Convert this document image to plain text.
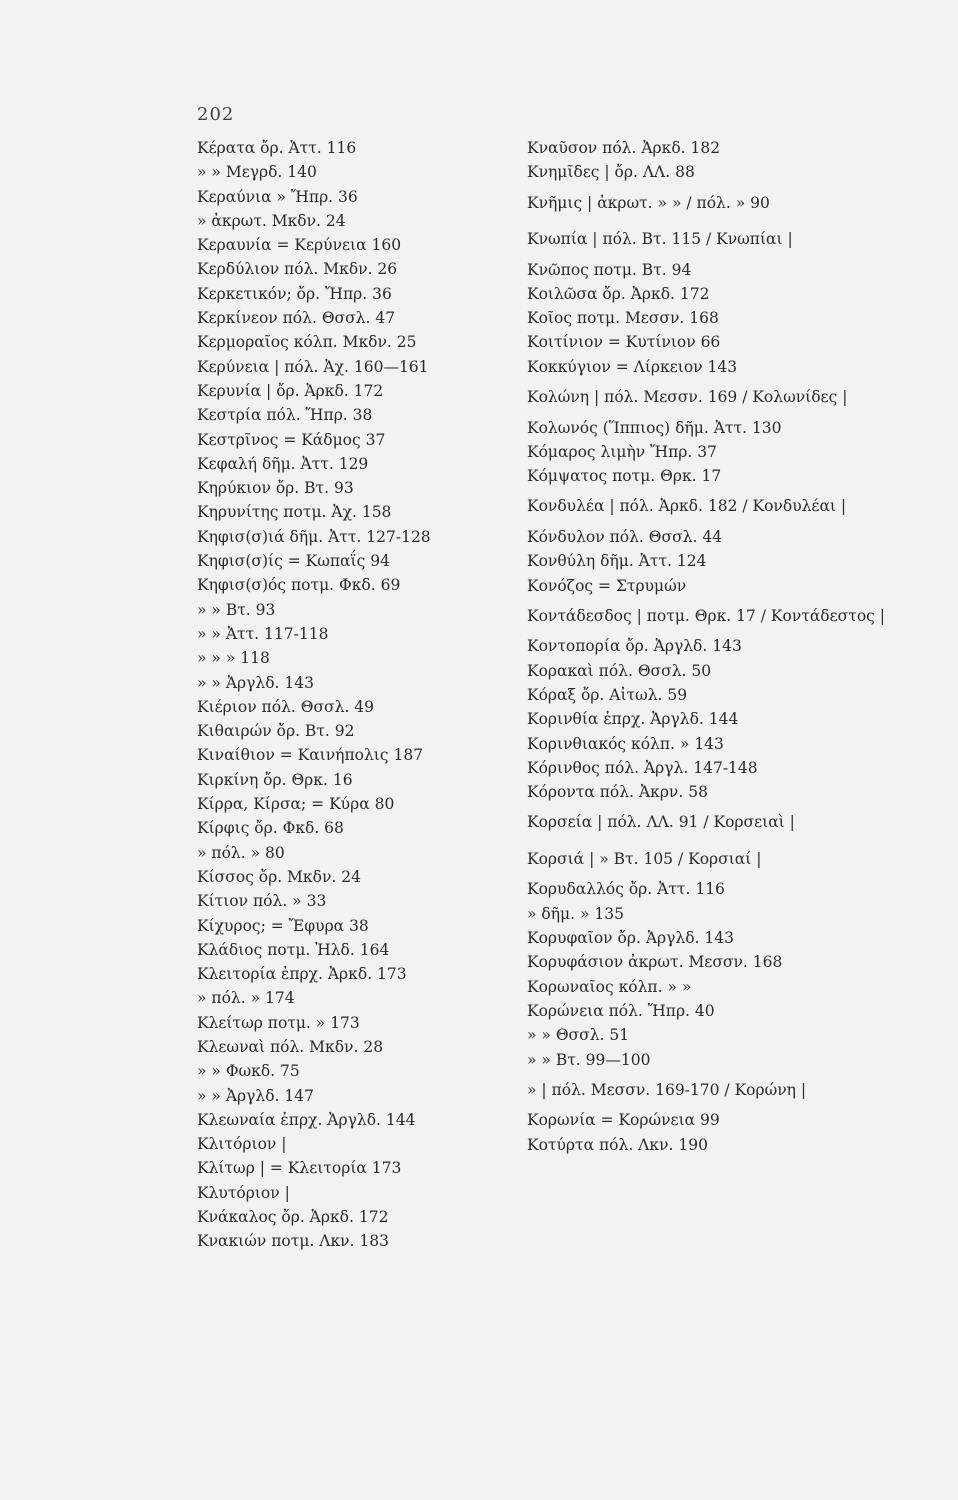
202
Κέρατα ὄρ. Ἀττ. 116
» » Μεγρδ. 140
Κεραύνια » Ἤπρ. 36
» ἀκρωτ. Μκδν. 24
Κεραυνία = Κερύνεια 160
Κερδύλιον πόλ. Μκδν. 26
Κερκετικόν; ὄρ. Ἤπρ. 36
Κερκίνεον πόλ. Θσσλ. 47
Κερμοραῖος κόλπ. Μκδν. 25
Κερύνεια | πόλ. Ἀχ. 160—161
Κερυνία | ὄρ. Ἀρκδ. 172
Κεστρία πόλ. Ἤπρ. 38
Κεστρῖνος = Κάδμος 37
Κεφαλή δῆμ. Ἀττ. 129
Κηρύκιον ὄρ. Βτ. 93
Κηρυνίτης ποτμ. Ἀχ. 158
Κηφισ(σ)ιά δῆμ. Ἀττ. 127-128
Κηφισ(σ)ίς = Κωπαΐς 94
Κηφισ(σ)ός ποτμ. Φκδ. 69
» » Βτ. 93
» » Ἀττ. 117-118
» » » 118
» » Ἀργλδ. 143
Κιέριον πόλ. Θσσλ. 49
Κιθαιρών ὄρ. Βτ. 92
Κιναίθιον = Καινήπολις 187
Κιρκίνη ὄρ. Θρκ. 16
Κίρρα, Κίρσα; = Κύρα 80
Κίρφις ὄρ. Φκδ. 68
» πόλ. » 80
Κίσσος ὄρ. Μκδν. 24
Κίτιον πόλ. » 33
Κίχυρος; = Ἔφυρα 38
Κλάδιος ποτμ. Ἠλδ. 164
Κλειτορία ἐπρχ. Ἀρκδ. 173
» πόλ. » 174
Κλείτωρ ποτμ. » 173
Κλεωναὶ πόλ. Μκδν. 28
» » Φωκδ. 75
» » Ἀργλδ. 147
Κλεωναία ἐπρχ. Ἀργλδ. 144
Κλιτόριον |
Κλίτωρ | = Κλειτορία 173
Κλυτόριον |
Κνάκαλος ὄρ. Ἀρκδ. 172
Κνακιών ποτμ. Λκν. 183
Κναῦσον πόλ. Ἀρκδ. 182
Κνημῖδες | ὄρ. ΛΛ. 88
Κνῆμις | ἀκρωτ. » » / πόλ. » 90
Κνωπία | πόλ. Βτ. 115 / Κνωπίαι |
Κνῶπος ποτμ. Βτ. 94
Κοιλῶσα ὄρ. Ἀρκδ. 172
Κοῖος ποτμ. Μεσσν. 168
Κοιτίνιον = Κυτίνιον 66
Κοκκύγιον = Λίρκειον 143
Κολώνη | πόλ. Μεσσν. 169 / Κολωνίδες |
Κολωνός (Ἵππιος) δῆμ. Ἀττ. 130
Κόμαρος λιμὴν Ἤπρ. 37
Κόμψατος ποτμ. Θρκ. 17
Κονδυλέα | πόλ. Ἀρκδ. 182 / Κονδυλέαι |
Κόνδυλον πόλ. Θσσλ. 44
Κονθύλη δῆμ. Ἀττ. 124
Κονόζος = Στρυμών
Κοντάδεσδος | ποτμ. Θρκ. 17 / Κοντάδεστος |
Κοντοπορία ὄρ. Ἀργλδ. 143
Κορακαὶ πόλ. Θσσλ. 50
Κόραξ ὄρ. Αἰτωλ. 59
Κορινθία ἐπρχ. Ἀργλδ. 144
Κορινθιακός κόλπ. » 143
Κόρινθος πόλ. Ἀργλ. 147-148
Κόροντα πόλ. Ἀκρν. 58
Κορσεία | πόλ. ΛΛ. 91 / Κορσειαὶ |
Κορσιά | » Βτ. 105 / Κορσιαί |
Κορυδαλλός ὄρ. Ἀττ. 116
» δῆμ. » 135
Κορυφαῖον ὄρ. Ἀργλδ. 143
Κορυφάσιον ἀκρωτ. Μεσσν. 168
Κορωναῖος κόλπ. » »
Κορώνεια πόλ. Ἤπρ. 40
» » Θσσλ. 51
» » Βτ. 99—100
» | πόλ. Μεσσν. 169-170 / Κορώνη |
Κορωνία = Κορώνεια 99
Κοτύρτα πόλ. Λκν. 190
